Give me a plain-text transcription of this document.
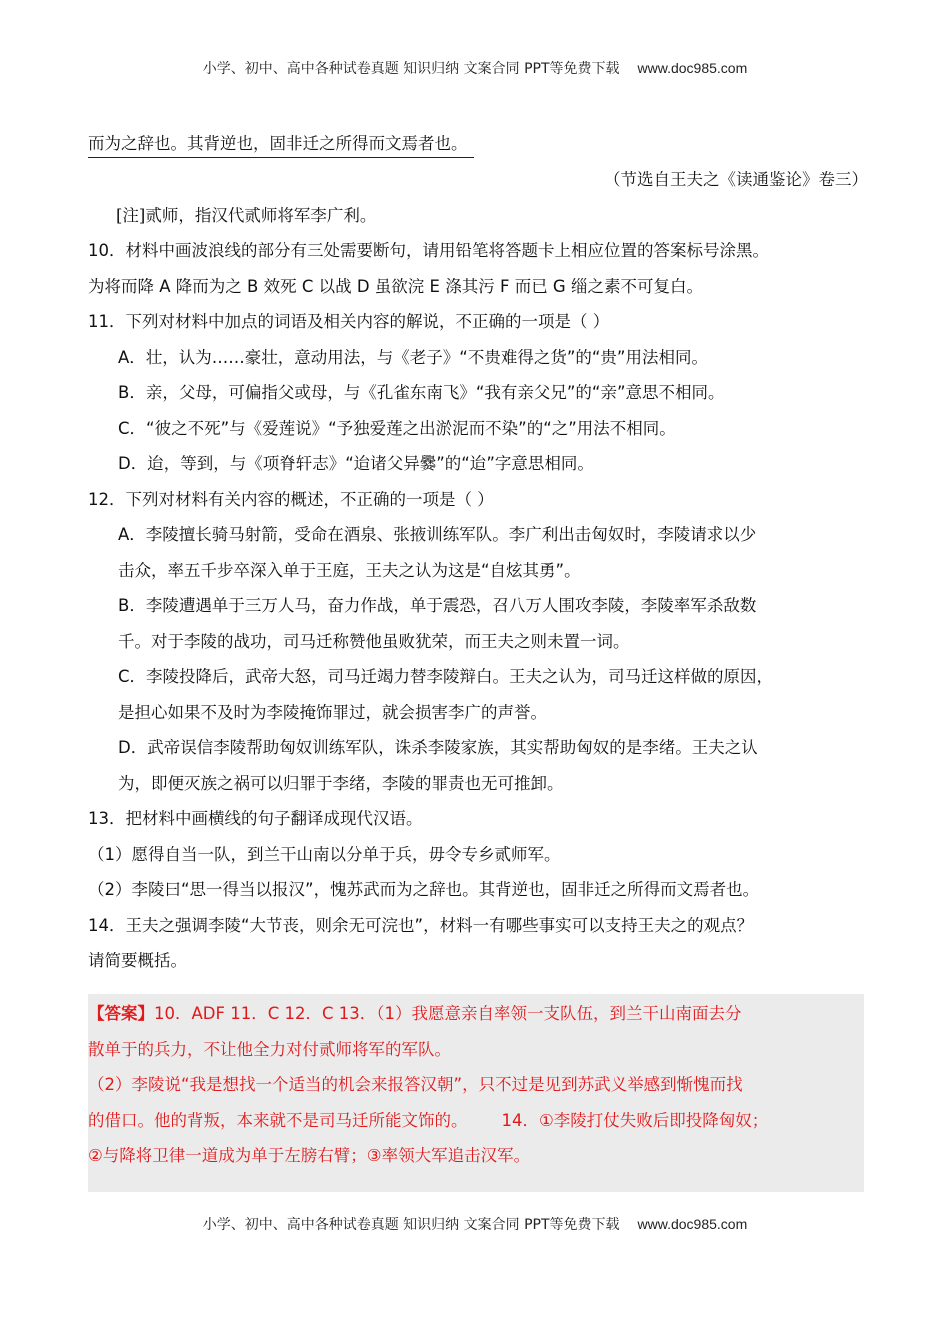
小学、初中、高中各种试卷真题 知识归纳 文案合同 PPT等免费下载 www.doc985.com
而为之辞也。其背逆也，固非迁之所得而文焉者也。
（节选自王夫之《读通鉴论》卷三）
[注]贰师，指汉代贰师将军李广利。
10．材料中画波浪线的部分有三处需要断句，请用铅笔将答题卡上相应位置的答案标号涂黑。
为将而降 A 降而为之 B 效死 C 以战 D 虽欲浣 E 涤其污 F 而已 G 缁之素不可复白。
11．下列对材料中加点的词语及相关内容的解说，不正确的一项是（ ）
A．壮，认为……豪壮，意动用法，与《老子》“不贵难得之货”的“贵”用法相同。
B．亲，父母，可偏指父或母，与《孔雀东南飞》“我有亲父兄”的“亲”意思不相同。
C．“彼之不死”与《爱莲说》“予独爱莲之出淤泥而不染”的“之”用法不相同。
D．迨，等到，与《项脊轩志》“迨诸父异爨”的“迨”字意思相同。
12．下列对材料有关内容的概述，不正确的一项是（ ）
A．李陵擅长骑马射箭，受命在酒泉、张掖训练军队。李广利出击匈奴时，李陵请求以少
击众，率五千步卒深入单于王庭，王夫之认为这是“自炫其勇”。
B．李陵遭遇单于三万人马，奋力作战，单于震恐，召八万人围攻李陵，李陵率军杀敌数
千。对于李陵的战功，司马迁称赞他虽败犹荣，而王夫之则未置一词。
C．李陵投降后，武帝大怒，司马迁竭力替李陵辩白。王夫之认为，司马迁这样做的原因，
是担心如果不及时为李陵掩饰罪过，就会损害李广的声誉。
D．武帝误信李陵帮助匈奴训练军队，诛杀李陵家族，其实帮助匈奴的是李绪。王夫之认
为，即便灭族之祸可以归罪于李绪，李陵的罪责也无可推卸。
13．把材料中画横线的句子翻译成现代汉语。
（1）愿得自当一队，到兰干山南以分单于兵，毋令专乡贰师军。
（2）李陵曰“思一得当以报汉”，愧苏武而为之辞也。其背逆也，固非迁之所得而文焉者也。
14．王夫之强调李陵“大节丧，则余无可浣也”，材料一有哪些事实可以支持王夫之的观点？
请简要概括。
【答案】10．ADF 11．C 12．C 13．（1）我愿意亲自率领一支队伍，到兰干山南面去分
散单于的兵力，不让他全力对付贰师将军的军队。
（2）李陵说“我是想找一个适当的机会来报答汉朝”，只不过是见到苏武义举感到惭愧而找
的借口。他的背叛，本来就不是司马迁所能文饰的。 14．①李陵打仗失败后即投降匈奴；
②与降将卫律一道成为单于左膀右臂；③率领大军追击汉军。
小学、初中、高中各种试卷真题 知识归纳 文案合同 PPT等免费下载 www.doc985.com
